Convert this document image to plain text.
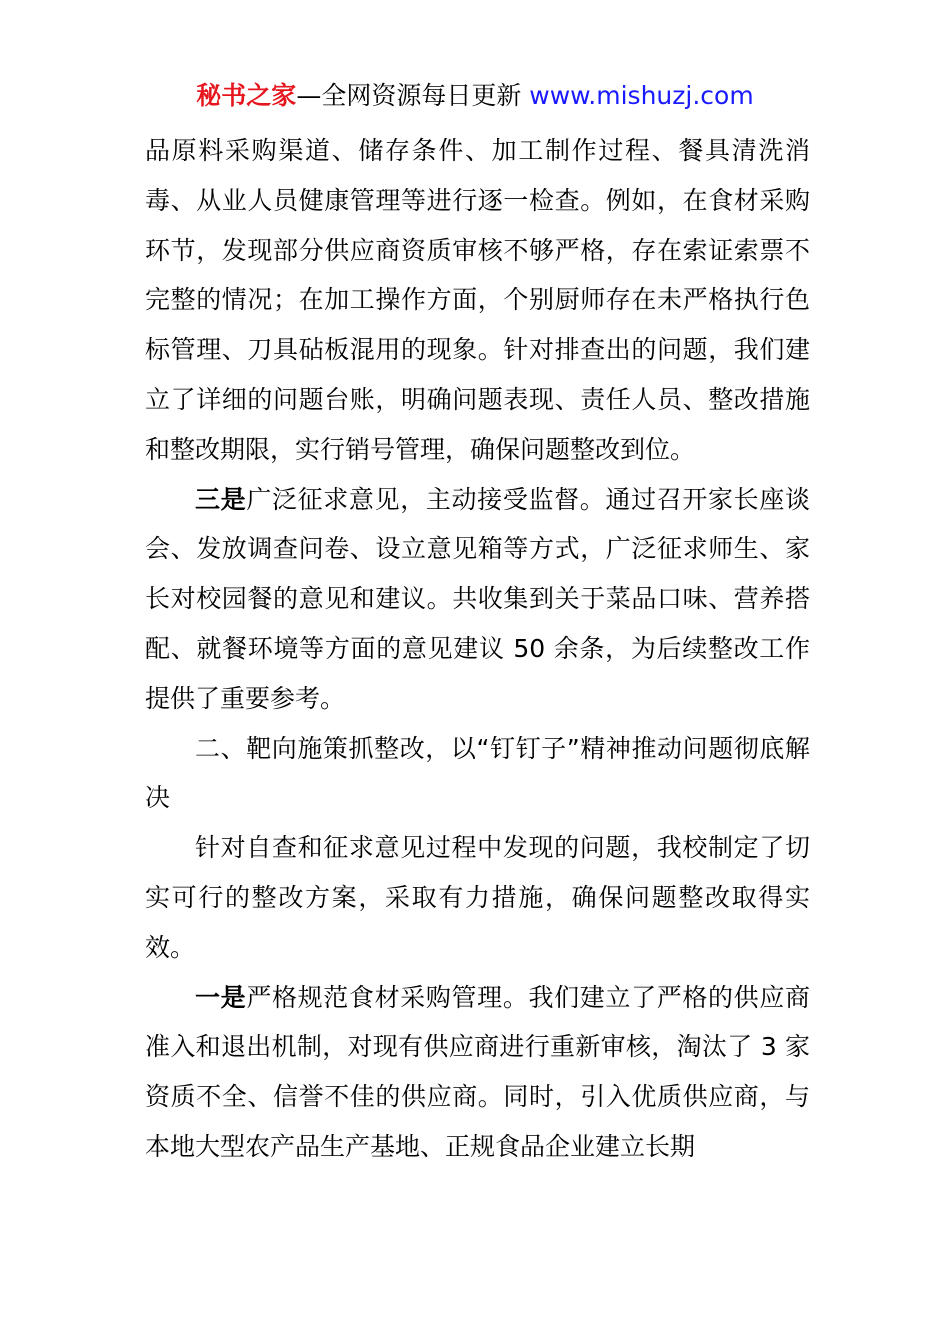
秘书之家—全网资源每日更新 www.mishuzj.com

品原料采购渠道、储存条件、加工制作过程、餐具清洗消毒、从业人员健康管理等进行逐一检查。例如，在食材采购环节，发现部分供应商资质审核不够严格，存在索证索票不完整的情况；在加工操作方面，个别厨师存在未严格执行色标管理、刀具砧板混用的现象。针对排查出的问题，我们建立了详细的问题台账，明确问题表现、责任人员、整改措施和整改期限，实行销号管理，确保问题整改到位。

三是广泛征求意见，主动接受监督。通过召开家长座谈会、发放调查问卷、设立意见箱等方式，广泛征求师生、家长对校园餐的意见和建议。共收集到关于菜品口味、营养搭配、就餐环境等方面的意见建议 50 余条，为后续整改工作提供了重要参考。

二、靶向施策抓整改，以“钉钉子”精神推动问题彻底解决

针对自查和征求意见过程中发现的问题，我校制定了切实可行的整改方案，采取有力措施，确保问题整改取得实效。

一是严格规范食材采购管理。我们建立了严格的供应商准入和退出机制，对现有供应商进行重新审核，淘汰了 3 家资质不全、信誉不佳的供应商。同时，引入优质供应商，与本地大型农产品生产基地、正规食品企业建立长期
